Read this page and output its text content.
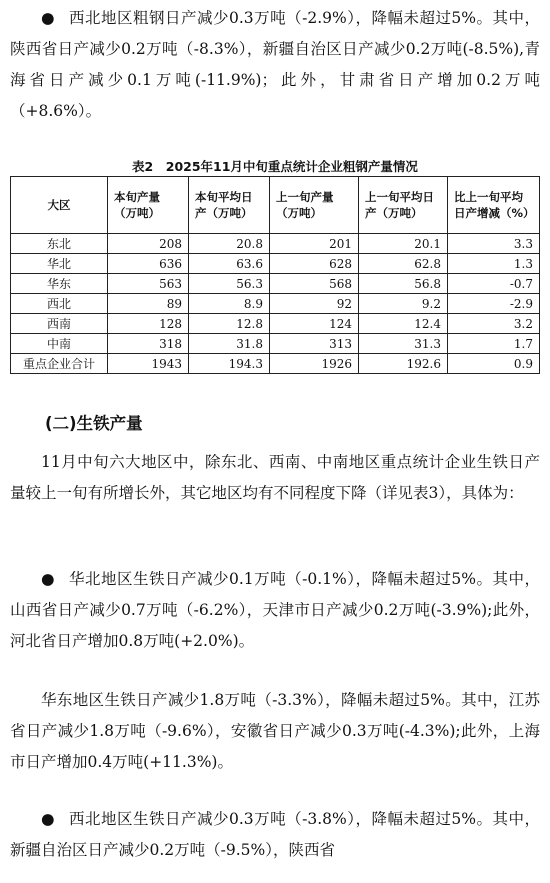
● 西北地区粗钢日产减少0.3万吨（-2.9%），降幅未超过5%。其中，陕西省日产减少0.2万吨（-8.3%），新疆自治区日产减少0.2万吨(-8.5%),青海省日产减少0.1万吨(-11.9%)；此外，甘肃省日产增加0.2万吨（+8.6%）。

表2　2025年11月中旬重点统计企业粗钢产量情况
大区	本旬产量（万吨）	本旬平均日产（万吨）	上一旬产量（万吨）	上一旬平均日产（万吨）	比上一旬平均日产增减（%）
东北	208	20.8	201	20.1	3.3
华北	636	63.6	628	62.8	1.3
华东	563	56.3	568	56.8	-0.7
西北	89	8.9	92	9.2	-2.9
西南	128	12.8	124	12.4	3.2
中南	318	31.8	313	31.3	1.7
重点企业合计	1943	194.3	1926	192.6	0.9
(二)生铁产量

11月中旬六大地区中，除东北、西南、中南地区重点统计企业生铁日产量较上一旬有所增长外，其它地区均有不同程度下降（详见表3），具体为：

● 华北地区生铁日产减少0.1万吨（-0.1%），降幅未超过5%。其中，山西省日产减少0.7万吨（-6.2%），天津市日产减少0.2万吨(-3.9%);此外，河北省日产增加0.8万吨(+2.0%)。

华东地区生铁日产减少1.8万吨（-3.3%），降幅未超过5%。其中，江苏省日产减少1.8万吨（-9.6%），安徽省日产减少0.3万吨(-4.3%);此外，上海市日产增加0.4万吨(+11.3%)。

● 西北地区生铁日产减少0.3万吨（-3.8%），降幅未超过5%。其中，新疆自治区日产减少0.2万吨（-9.5%），陕西省
